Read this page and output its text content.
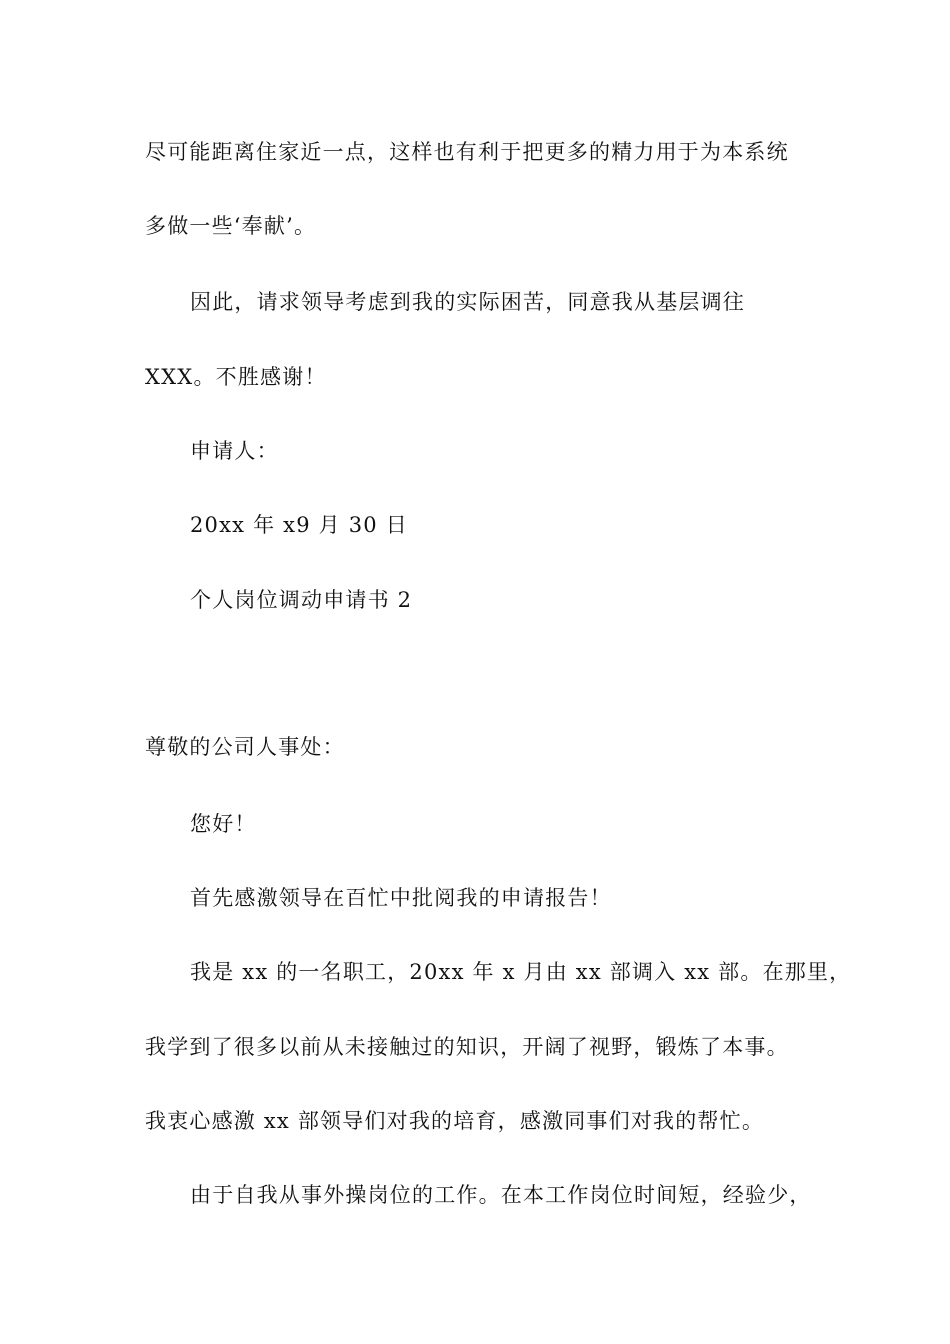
尽可能距离住家近一点，这样也有利于把更多的精力用于为本系统
多做一些‘奉献’。
因此，请求领导考虑到我的实际困苦，同意我从基层调往
XXX。不胜感谢！
申请人：
20xx 年 x9 月 30 日
个人岗位调动申请书 2
尊敬的公司人事处：
您好！
首先感激领导在百忙中批阅我的申请报告！
我是 xx 的一名职工，20xx 年 x 月由 xx 部调入 xx 部。在那里，
我学到了很多以前从未接触过的知识，开阔了视野，锻炼了本事。
我衷心感激 xx 部领导们对我的培育，感激同事们对我的帮忙。
由于自我从事外操岗位的工作。在本工作岗位时间短，经验少，
